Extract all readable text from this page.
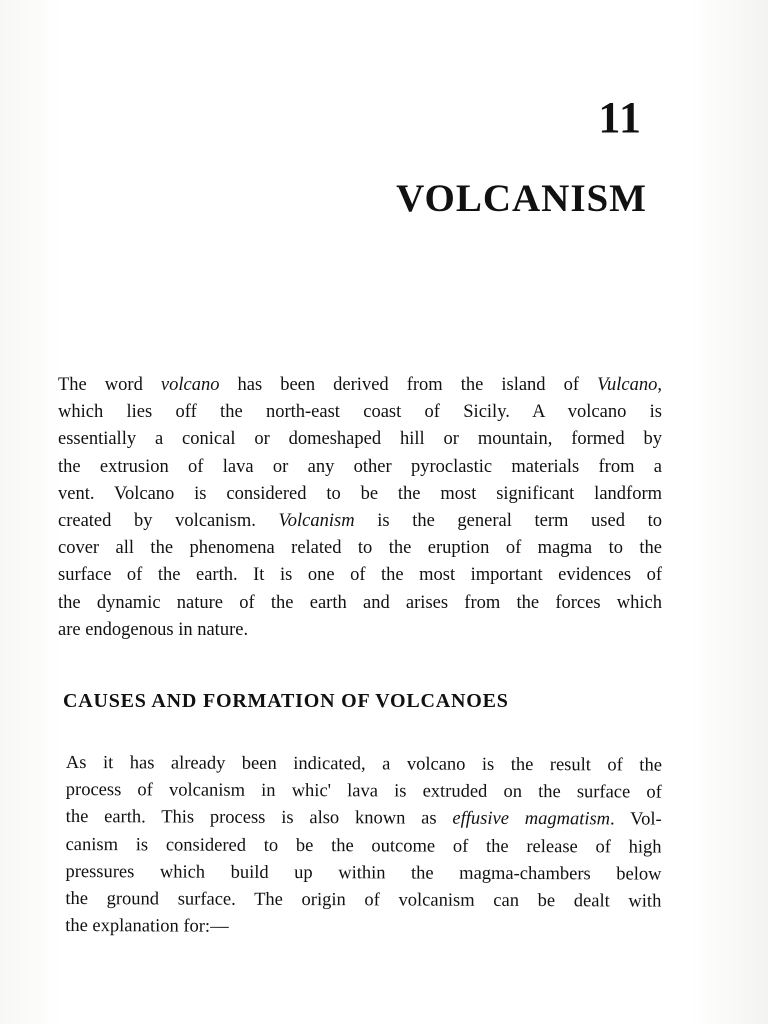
11
VOLCANISM
The word volcano has been derived from the island of Vulcano,
which lies off the north-east coast of Sicily. A volcano is
essentially a conical or domeshaped hill or mountain, formed by
the extrusion of lava or any other pyroclastic materials from a
vent. Volcano is considered to be the most significant landform
created by volcanism. Volcanism is the general term used to
cover all the phenomena related to the eruption of magma to the
surface of the earth. It is one of the most important evidences of
the dynamic nature of the earth and arises from the forces which
are endogenous in nature.
CAUSES AND FORMATION OF VOLCANOES
As it has already been indicated, a volcano is the result of the
process of volcanism in whic' lava is extruded on the surface of
the earth. This process is also known as effusive magmatism. Vol-
canism is considered to be the outcome of the release of high
pressures which build up within the magma-chambers below
the ground surface. The origin of volcanism can be dealt with
the explanation for:—
